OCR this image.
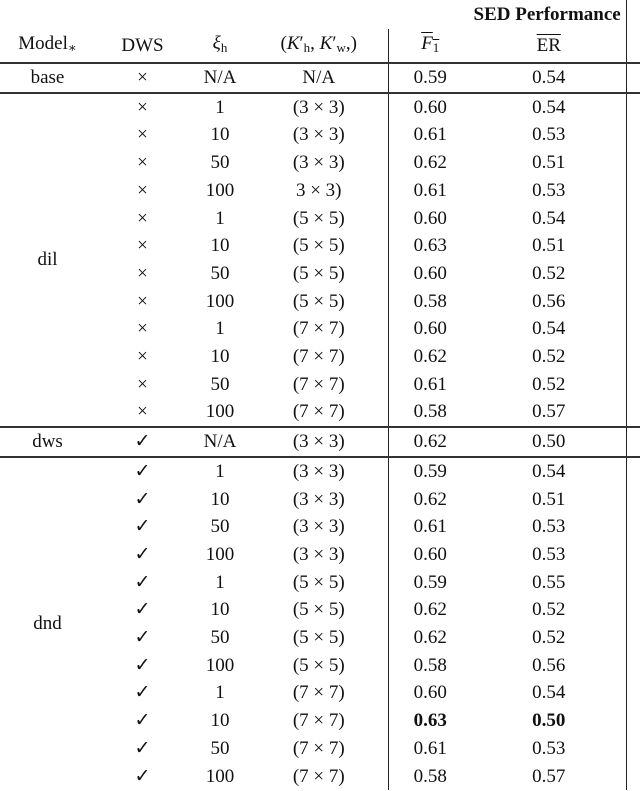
				SED Performance		
Model$_∗$	DWS	$\xi_h$	($K'_h$, $K'_w$,)	$F_1$	$\overline{ER}$	
base	×	N/A	N/A	0.59	0.54	
dil	×	1	(3 × 3)	0.60	0.54	
	×	10	(3 × 3)	0.61	0.53	
	×	50	(3 × 3)	0.62	0.51	
	×	100	3 × 3)	0.61	0.53	
	×	1	(5 × 5)	0.60	0.54	
	×	10	(5 × 5)	0.63	0.51	
	×	50	(5 × 5)	0.60	0.52	
	×	100	(5 × 5)	0.58	0.56	
	×	1	(7 × 7)	0.60	0.54	
	×	10	(7 × 7)	0.62	0.52	
	×	50	(7 × 7)	0.61	0.52	
	×	100	(7 × 7)	0.58	0.57	
dws	✓	N/A	(3 × 3)	0.62	0.50	
dnd	✓	1	(3 × 3)	0.59	0.54	
	✓	10	(3 × 3)	0.62	0.51	
	✓	50	(3 × 3)	0.61	0.53	
	✓	100	(3 × 3)	0.60	0.53	
	✓	1	(5 × 5)	0.59	0.55	
	✓	10	(5 × 5)	0.62	0.52	
	✓	50	(5 × 5)	0.62	0.52	
	✓	100	(5 × 5)	0.58	0.56	
	✓	1	(7 × 7)	0.60	0.54	
	✓	10	(7 × 7)	0.63	0.50	
	✓	50	(7 × 7)	0.61	0.53	
	✓	100	(7 × 7)	0.58	0.57	
